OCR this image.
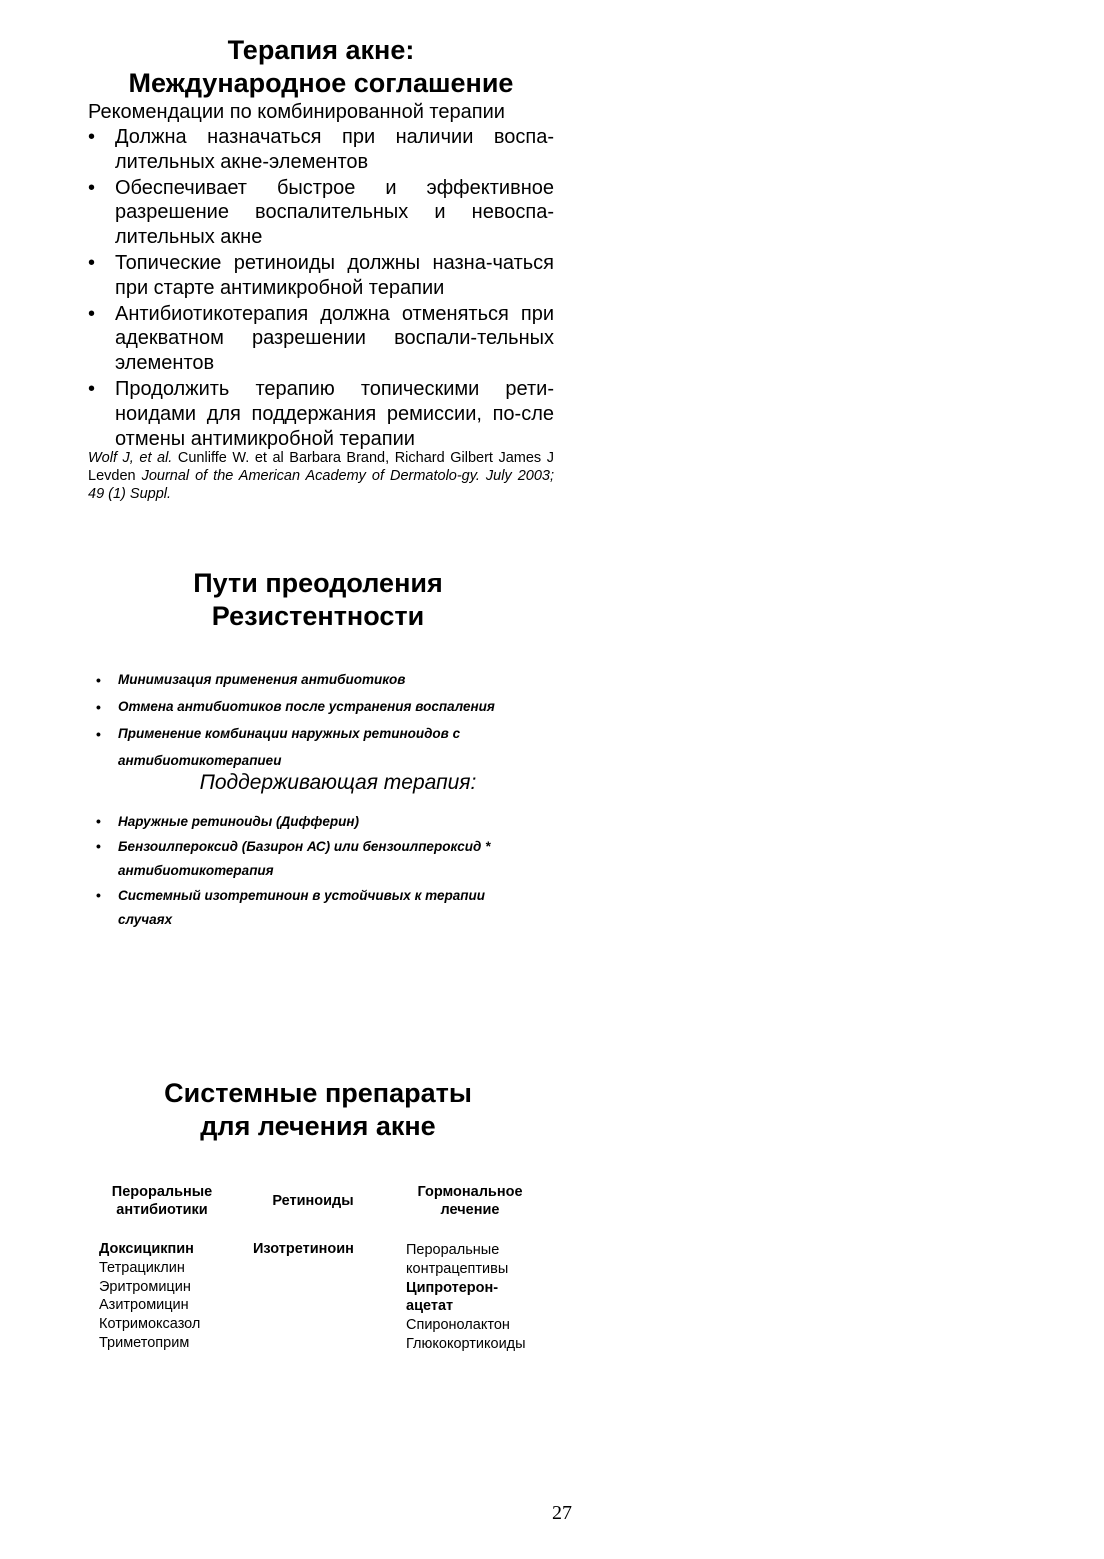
Терапия акне:
Международное соглашение
Рекомендации по комбинированной терапии
• Должна назначаться при наличии воспа-лительных акне-элементов
• Обеспечивает быстрое и эффективное разрешение воспалительных и невоспа-лительных акне
• Топические ретиноиды должны назна-чаться при старте антимикробной терапии
• Антибиотикотерапия должна отменяться при адекватном разрешении воспали-тельных элементов
• Продолжить терапию топическими рети-ноидами для поддержания ремиссии, по-сле отмены антимикробной терапии
Wolf J, et al. Cunliffe W. et al Barbara Brand, Richard Gilbert James J Levden Journal of the American Academy of Dermatolo-gy. July 2003; 49 (1) Suppl.
Пути преодоления
Резистентности
• Минимизация применения антибиотиков
• Отмена антибиотиков после устранения воспаления
• Применение комбинации наружных ретиноидов с
антибиотикотерапиеи
Поддерживающая терапия:
• Наружные ретиноиды (Дифферин)
• Бензоилпероксид (Базирон АС) или бензоилпероксид *
антибиотикотерапия
• Системный изотретиноин в устойчивых к терапии
случаях
Системные препараты
для лечения акне
Пероральные
антибиотики
Ретиноиды
Гормональное
лечение
Доксицикпин
Тетрациклин
Эритромицин
Азитромицин
Котримоксазол
Триметоприм
Изотретиноин	Пероральные
контрацептивы
Ципротерон-
ацетат
Спиронолактон
Глюкокортикоиды
27
